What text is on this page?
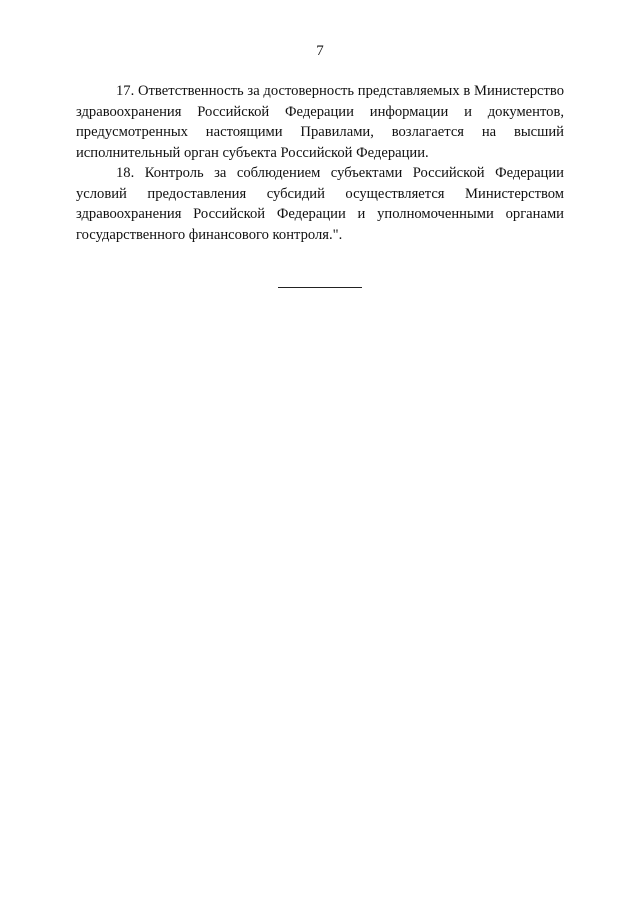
7

17. Ответственность за достоверность представляемых в Министерство здравоохранения Российской Федерации информации и документов, предусмотренных настоящими Правилами, возлагается на высший исполнительный орган субъекта Российской Федерации.

18. Контроль за соблюдением субъектами Российской Федерации условий предоставления субсидий осуществляется Министерством здравоохранения Российской Федерации и уполномоченными органами государственного финансового контроля.".
